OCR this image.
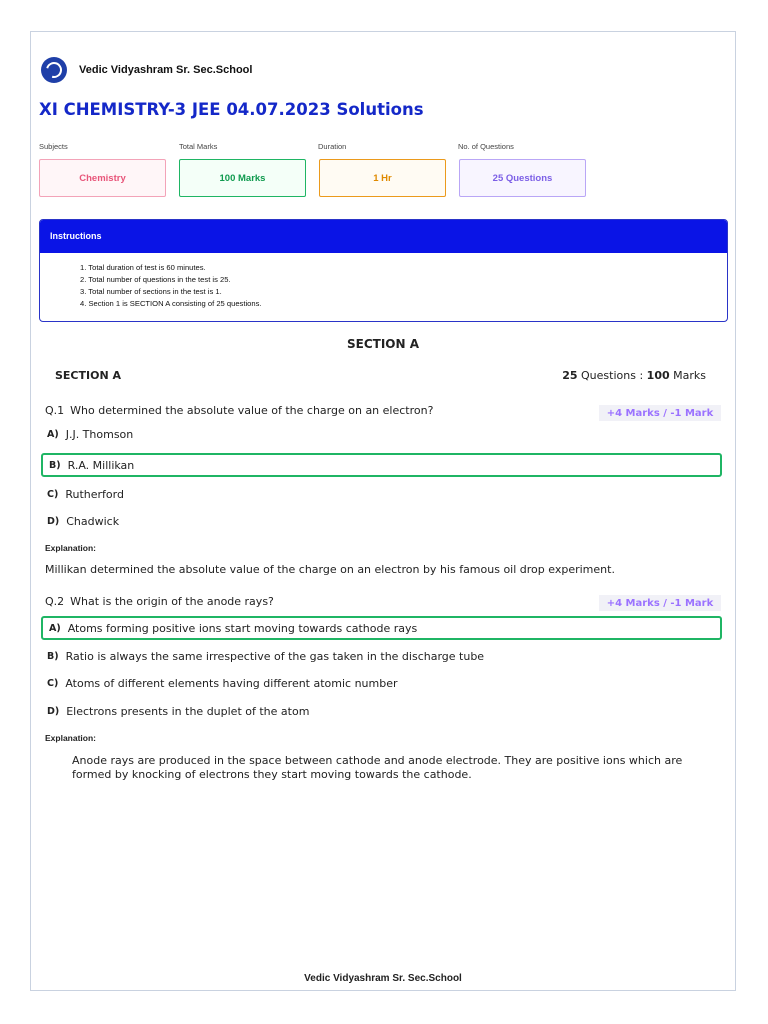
Vedic Vidyashram Sr. Sec.School
XI CHEMISTRY-3 JEE 04.07.2023 Solutions
Subjects	Total Marks	Duration	No. of Questions
Chemistry	100 Marks	1 Hr	25 Questions
Instructions
1. Total duration of test is 60 minutes.
2. Total number of questions in the test is 25.
3. Total number of sections in the test is 1.
4. Section 1 is SECTION A consisting of 25 questions.
SECTION A
SECTION A	25 Questions : 100 Marks
Q.1 Who determined the absolute value of the charge on an electron?	+4 Marks / -1 Mark
A) J.J. Thomson
B) R.A. Millikan
C) Rutherford
D) Chadwick
Explanation:
Millikan determined the absolute value of the charge on an electron by his famous oil drop experiment.
Q.2 What is the origin of the anode rays?	+4 Marks / -1 Mark
A) Atoms forming positive ions start moving towards cathode rays
B) Ratio is always the same irrespective of the gas taken in the discharge tube
C) Atoms of different elements having different atomic number
D) Electrons presents in the duplet of the atom
Explanation:
Anode rays are produced in the space between cathode and anode electrode. They are positive ions which are
formed by knocking of electrons they start moving towards the cathode.
Vedic Vidyashram Sr. Sec.School
